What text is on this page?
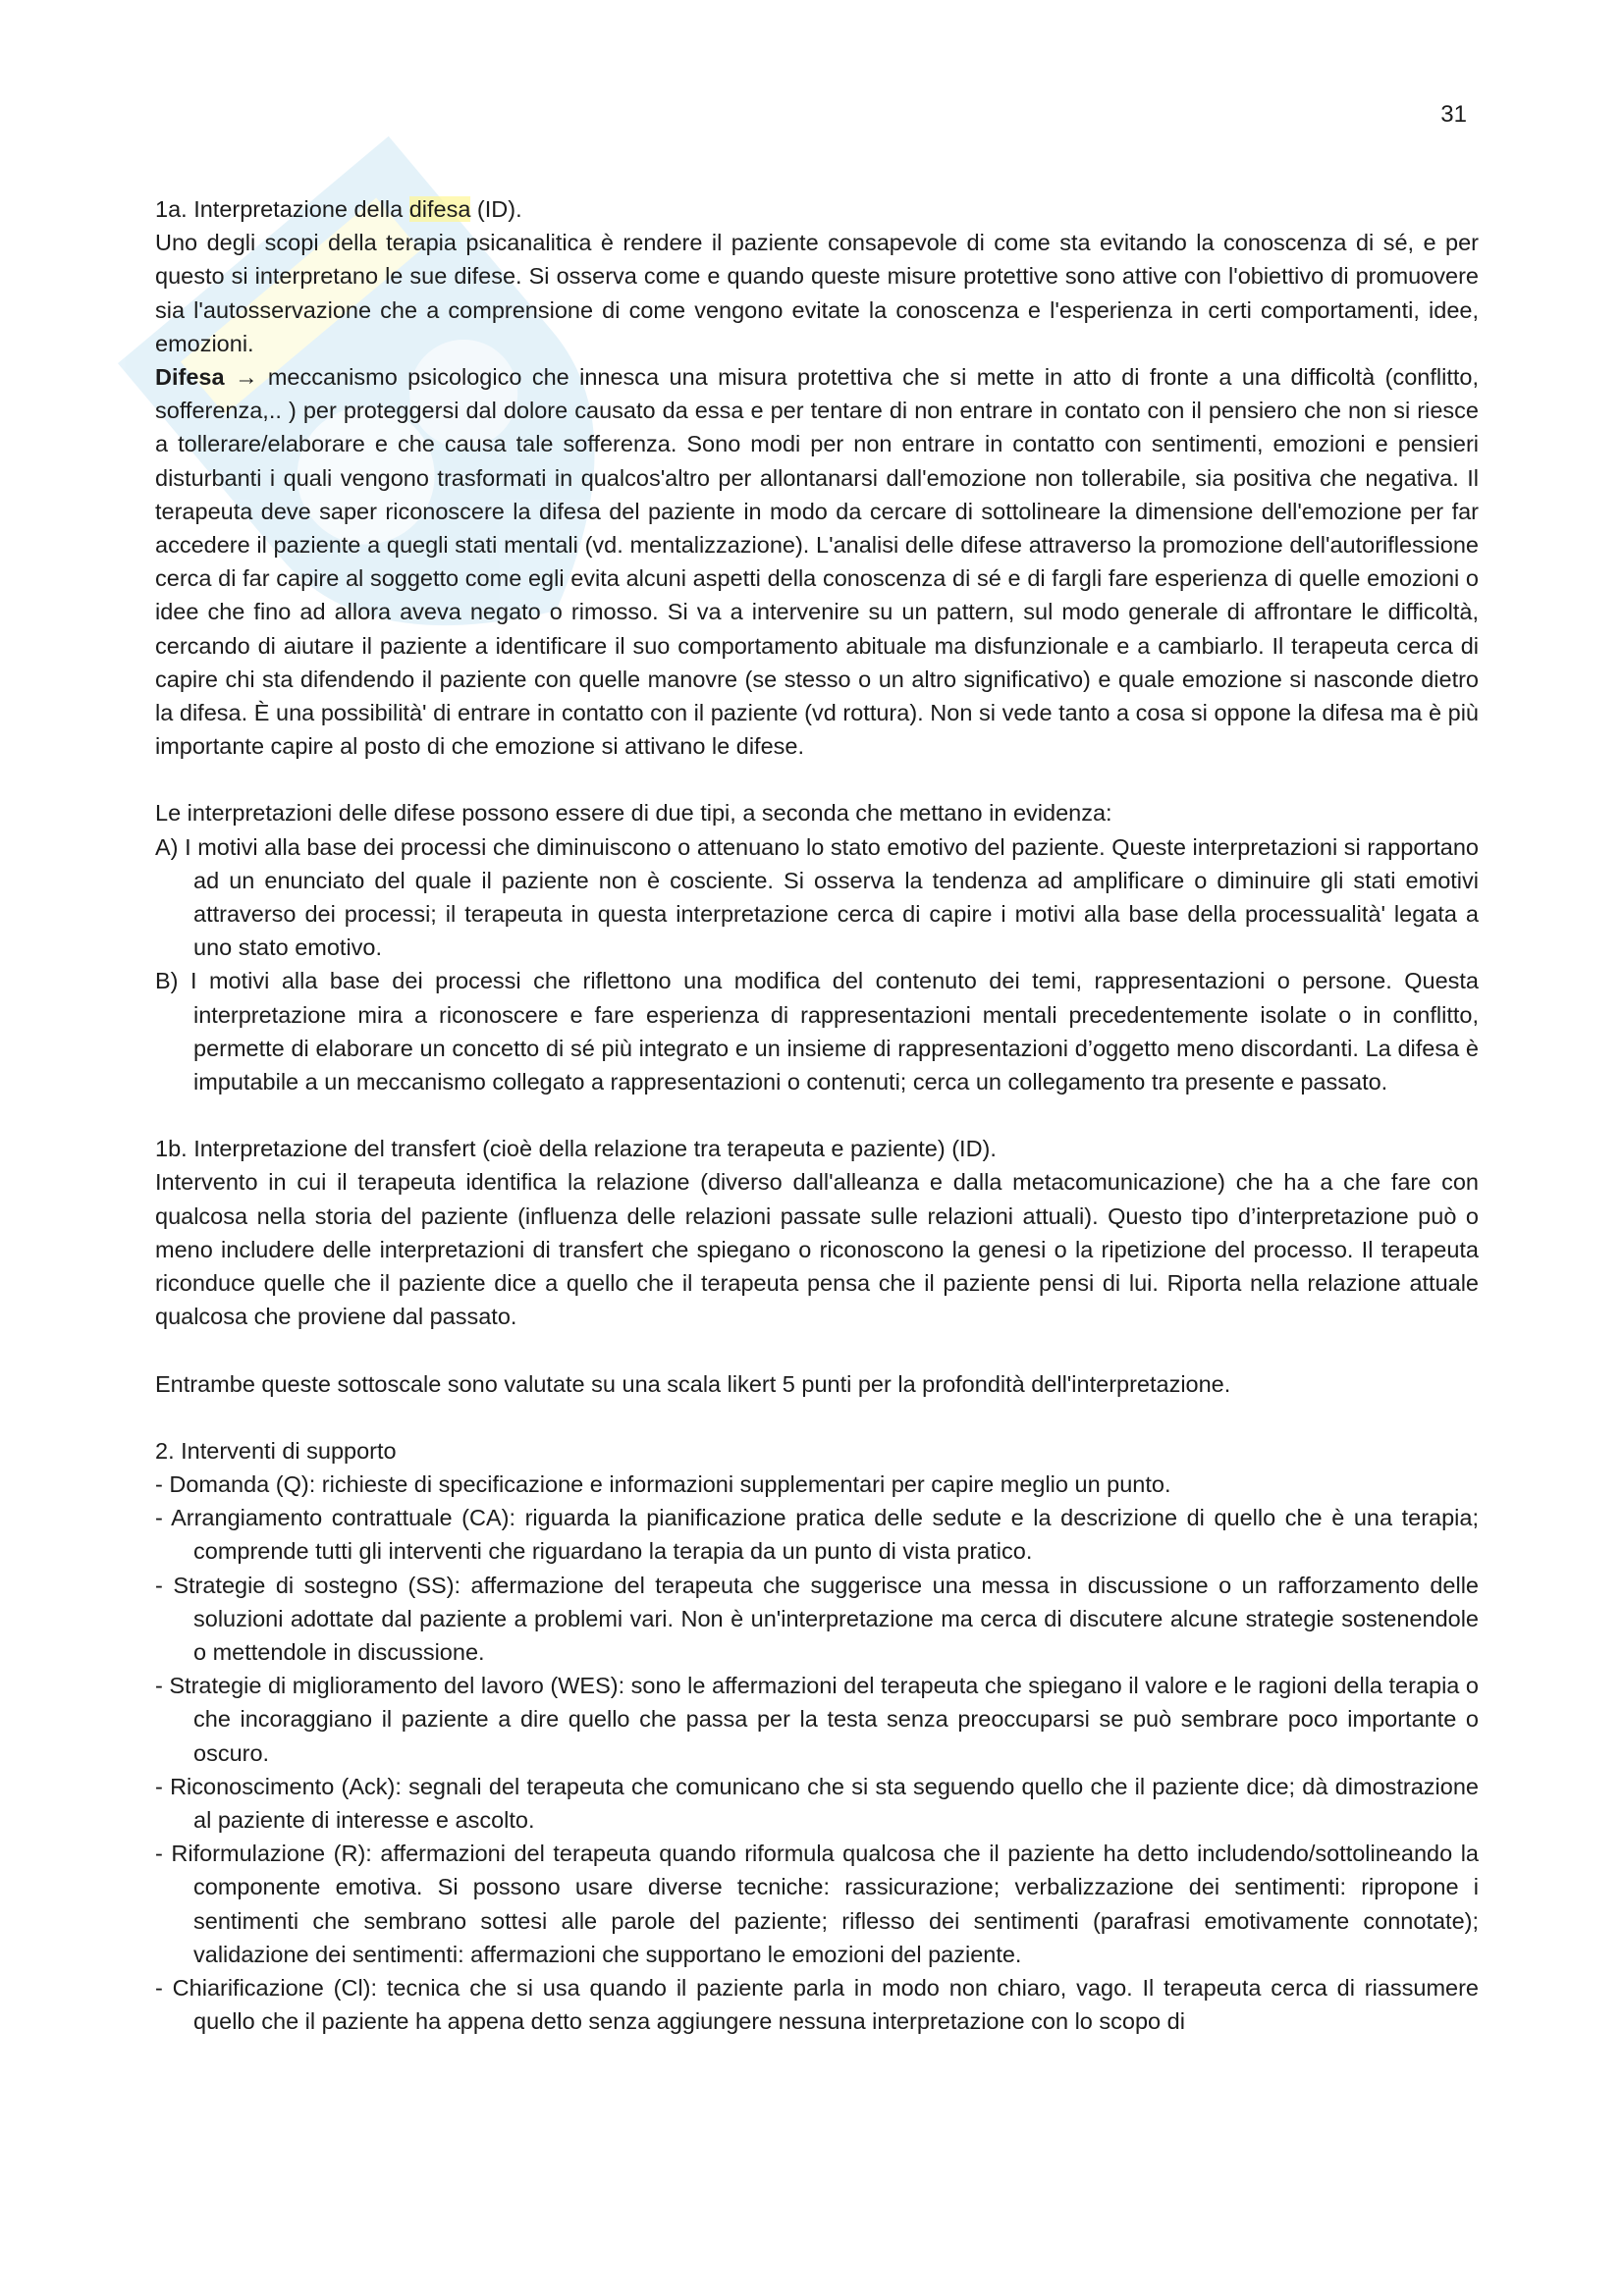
31

1a. Interpretazione della difesa (ID).

Uno degli scopi della terapia psicanalitica è rendere il paziente consapevole di come sta evitando la conoscenza di sé, e per questo si interpretano le sue difese. Si osserva come e quando queste misure protettive sono attive con l'obiettivo di promuovere sia l'autosservazione che a comprensione di come vengono evitate la conoscenza e l'esperienza in certi comportamenti, idee, emozioni.

Difesa → meccanismo psicologico che innesca una misura protettiva che si mette in atto di fronte a una difficoltà (conflitto, sofferenza,.. ) per proteggersi dal dolore causato da essa e per tentare di non entrare in contato con il pensiero che non si riesce a tollerare/elaborare e che causa tale sofferenza. Sono modi per non entrare in contatto con sentimenti, emozioni e pensieri disturbanti i quali vengono trasformati in qualcos'altro per allontanarsi dall'emozione non tollerabile, sia positiva che negativa. Il terapeuta deve saper riconoscere la difesa del paziente in modo da cercare di sottolineare la dimensione dell'emozione per far accedere il paziente a quegli stati mentali (vd. mentalizzazione). L'analisi delle difese attraverso la promozione dell'autoriflessione cerca di far capire al soggetto come egli evita alcuni aspetti della conoscenza di sé e di fargli fare esperienza di quelle emozioni o idee che fino ad allora aveva negato o rimosso. Si va a intervenire su un pattern, sul modo generale di affrontare le difficoltà, cercando di aiutare il paziente a identificare il suo comportamento abituale ma disfunzionale e a cambiarlo. Il terapeuta cerca di capire chi sta difendendo il paziente con quelle manovre (se stesso o un altro significativo) e quale emozione si nasconde dietro la difesa. È una possibilità' di entrare in contatto con il paziente (vd rottura). Non si vede tanto a cosa si oppone la difesa ma è più importante capire al posto di che emozione si attivano le difese.

Le interpretazioni delle difese possono essere di due tipi, a seconda che mettano in evidenza:

A) I motivi alla base dei processi che diminuiscono o attenuano lo stato emotivo del paziente. Queste interpretazioni si rapportano ad un enunciato del quale il paziente non è cosciente. Si osserva la tendenza ad amplificare o diminuire gli stati emotivi attraverso dei processi; il terapeuta in questa interpretazione cerca di capire i motivi alla base della processualità' legata a uno stato emotivo.

B) I motivi alla base dei processi che riflettono una modifica del contenuto dei temi, rappresentazioni o persone. Questa interpretazione mira a riconoscere e fare esperienza di rappresentazioni mentali precedentemente isolate o in conflitto, permette di elaborare un concetto di sé più integrato e un insieme di rappresentazioni d’oggetto meno discordanti. La difesa è imputabile a un meccanismo collegato a rappresentazioni o contenuti; cerca un collegamento tra presente e passato.

1b. Interpretazione del transfert (cioè della relazione tra terapeuta e paziente) (ID).

Intervento in cui il terapeuta identifica la relazione (diverso dall'alleanza e dalla metacomunicazione) che ha a che fare con qualcosa nella storia del paziente (influenza delle relazioni passate sulle relazioni attuali). Questo tipo d’interpretazione può o meno includere delle interpretazioni di transfert che spiegano o riconoscono la genesi o la ripetizione del processo. Il terapeuta riconduce quelle che il paziente dice a quello che il terapeuta pensa che il paziente pensi di lui. Riporta nella relazione attuale qualcosa che proviene dal passato.

Entrambe queste sottoscale sono valutate su una scala likert 5 punti per la profondità dell'interpretazione.

2. Interventi di supporto

- Domanda (Q): richieste di specificazione e informazioni supplementari per capire meglio un punto.

- Arrangiamento contrattuale (CA): riguarda la pianificazione pratica delle sedute e la descrizione di quello che è una terapia; comprende tutti gli interventi che riguardano la terapia da un punto di vista pratico.

- Strategie di sostegno (SS): affermazione del terapeuta che suggerisce una messa in discussione o un rafforzamento delle soluzioni adottate dal paziente a problemi vari. Non è un'interpretazione ma cerca di discutere alcune strategie sostenendole o mettendole in discussione.

- Strategie di miglioramento del lavoro (WES): sono le affermazioni del terapeuta che spiegano il valore e le ragioni della terapia o che incoraggiano il paziente a dire quello che passa per la testa senza preoccuparsi se può sembrare poco importante o oscuro.

- Riconoscimento (Ack): segnali del terapeuta che comunicano che si sta seguendo quello che il paziente dice; dà dimostrazione al paziente di interesse e ascolto.

- Riformulazione (R): affermazioni del terapeuta quando riformula qualcosa che il paziente ha detto includendo/sottolineando la componente emotiva. Si possono usare diverse tecniche: rassicurazione; verbalizzazione dei sentimenti: ripropone i sentimenti che sembrano sottesi alle parole del paziente; riflesso dei sentimenti (parafrasi emotivamente connotate); validazione dei sentimenti: affermazioni che supportano le emozioni del paziente.

- Chiarificazione (Cl): tecnica che si usa quando il paziente parla in modo non chiaro, vago. Il terapeuta cerca di riassumere quello che il paziente ha appena detto senza aggiungere nessuna interpretazione con lo scopo di
